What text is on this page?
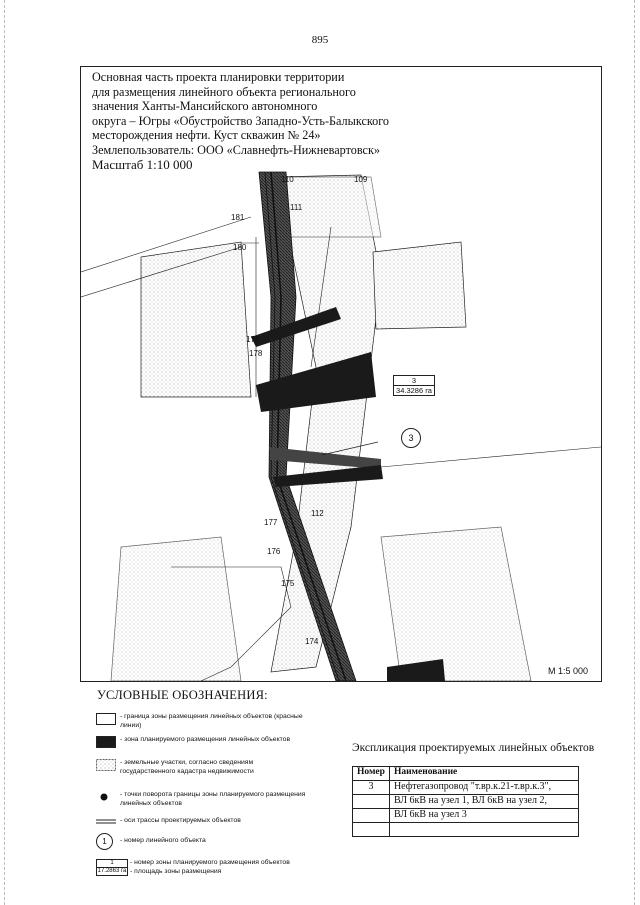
895
Основная часть проекта планировки территории
для размещения линейного объекта регионального
значения Ханты-Мансийского автономного
округа – Югры «Обустройство Западно-Усть-Балыкского
месторождения нефти. Куст скважин № 24»
Землепользователь: ООО «Славнефть-Нижневартовск»
Масштаб 1:10 000
181
180
179
178
177
176
175
174
110	109
111
112
3
34.3286 га
3
М 1:5 000
УСЛОВНЫЕ ОБОЗНАЧЕНИЯ:
- граница зоны размещения линейных объектов (красные линии)
- зона планируемого размещения линейных объектов
- земельные участки, согласно сведениям государственного кадастра недвижимости
- точки поворота границы зоны планируемого размещения линейных объектов
- оси трассы проектируемых объектов
1	- номер линейного объекта
1
17.2863 га
- номер зоны планируемого размещения объектов
- площадь зоны размещения
Экспликация проектируемых линейных объектов
Номер	Наименование
3	Нефтегазопровод "т.вр.к.21-т.вр.к.3",
	ВЛ 6кВ на узел 1, ВЛ 6кВ на узел 2,
	ВЛ 6кВ на узел 3
